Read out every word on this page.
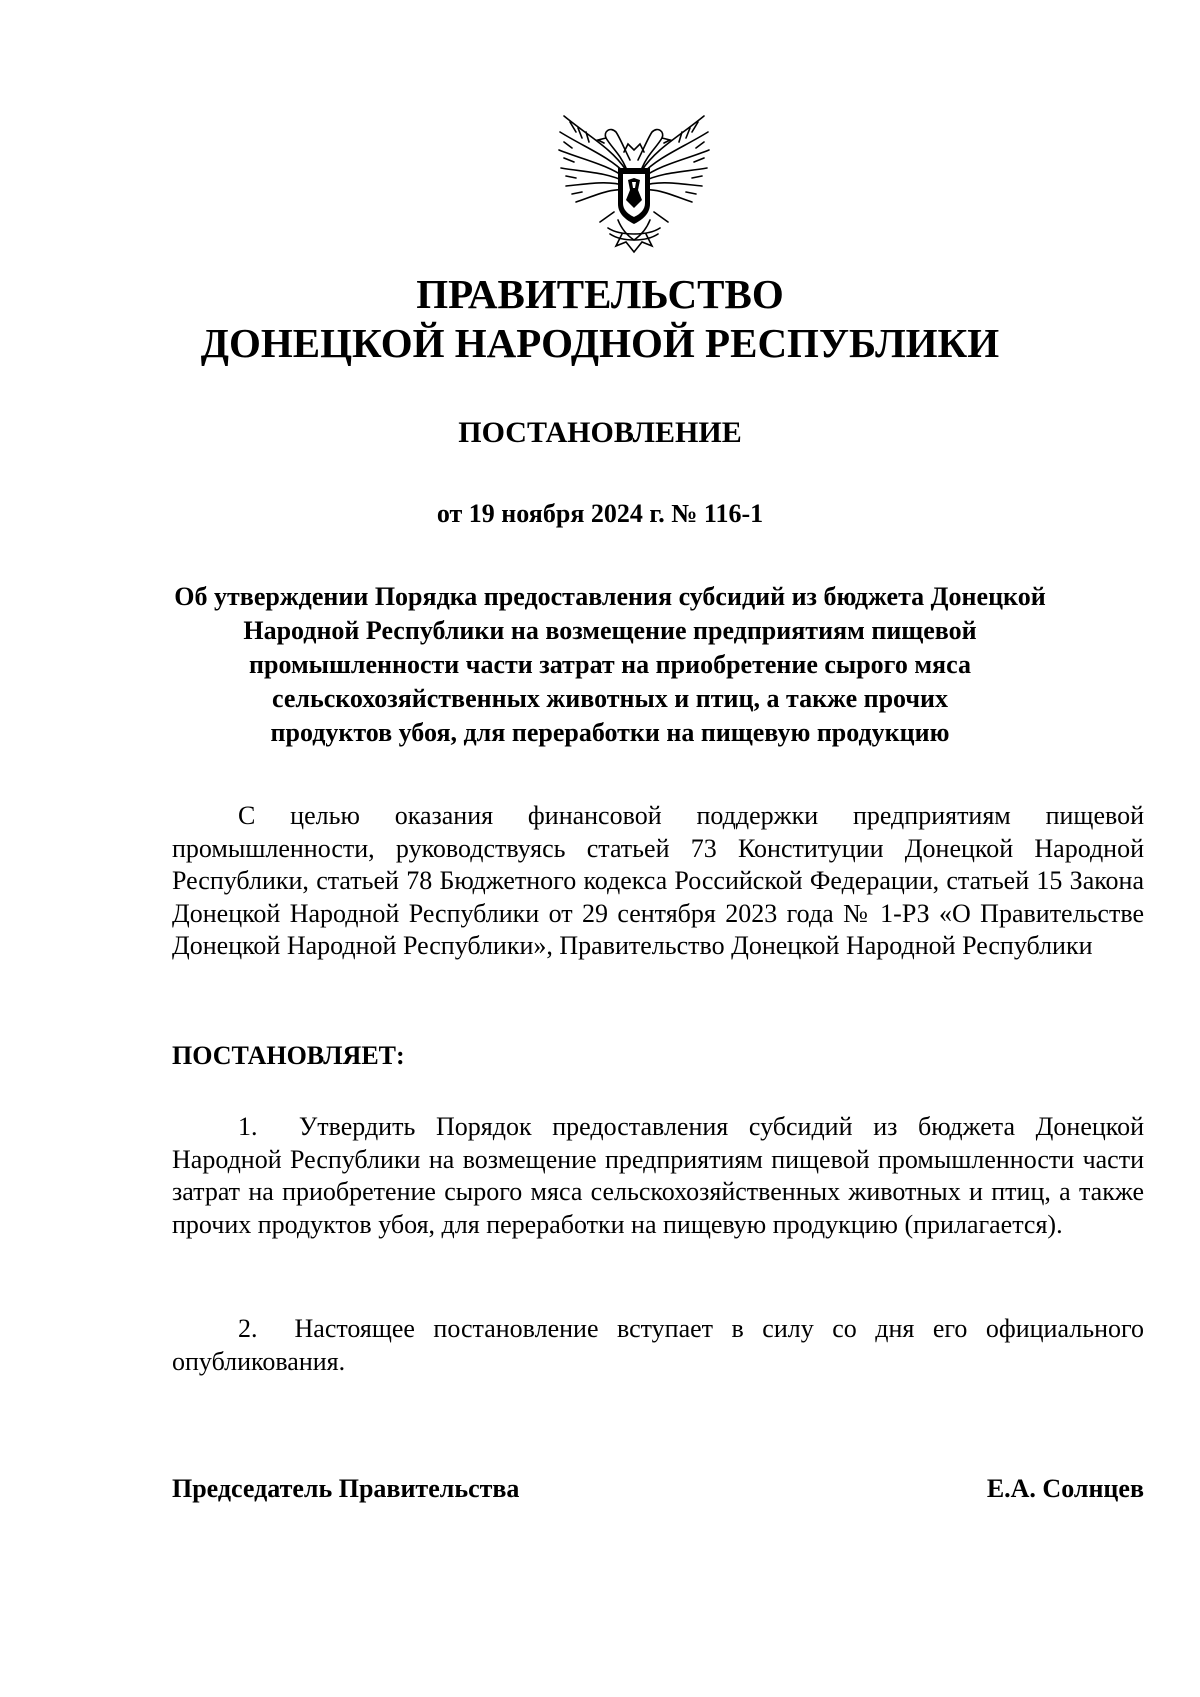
ПРАВИТЕЛЬСТВО
ДОНЕЦКОЙ НАРОДНОЙ РЕСПУБЛИКИ
ПОСТАНОВЛЕНИЕ
от 19 ноября 2024 г. № 116-1
Об утверждении Порядка предоставления субсидий из бюджета Донецкой
Народной Республики на возмещение предприятиям пищевой
промышленности части затрат на приобретение сырого мяса
сельскохозяйственных животных и птиц, а также прочих
продуктов убоя, для переработки на пищевую продукцию
С целью оказания финансовой поддержки предприятиям пищевой промышленности, руководствуясь статьей 73 Конституции Донецкой Народной Республики, статьей 78 Бюджетного кодекса Российской Федерации, статьей 15 Закона Донецкой Народной Республики от 29 сентября 2023 года № 1-РЗ «О Правительстве Донецкой Народной Республики», Правительство Донецкой Народной Республики
ПОСТАНОВЛЯЕТ:
1. Утвердить Порядок предоставления субсидий из бюджета Донецкой Народной Республики на возмещение предприятиям пищевой промышленности части затрат на приобретение сырого мяса сельскохозяйственных животных и птиц, а также прочих продуктов убоя, для переработки на пищевую продукцию (прилагается).
2. Настоящее постановление вступает в силу со дня его официального опубликования.
Председатель Правительства	Е.А. Солнцев
